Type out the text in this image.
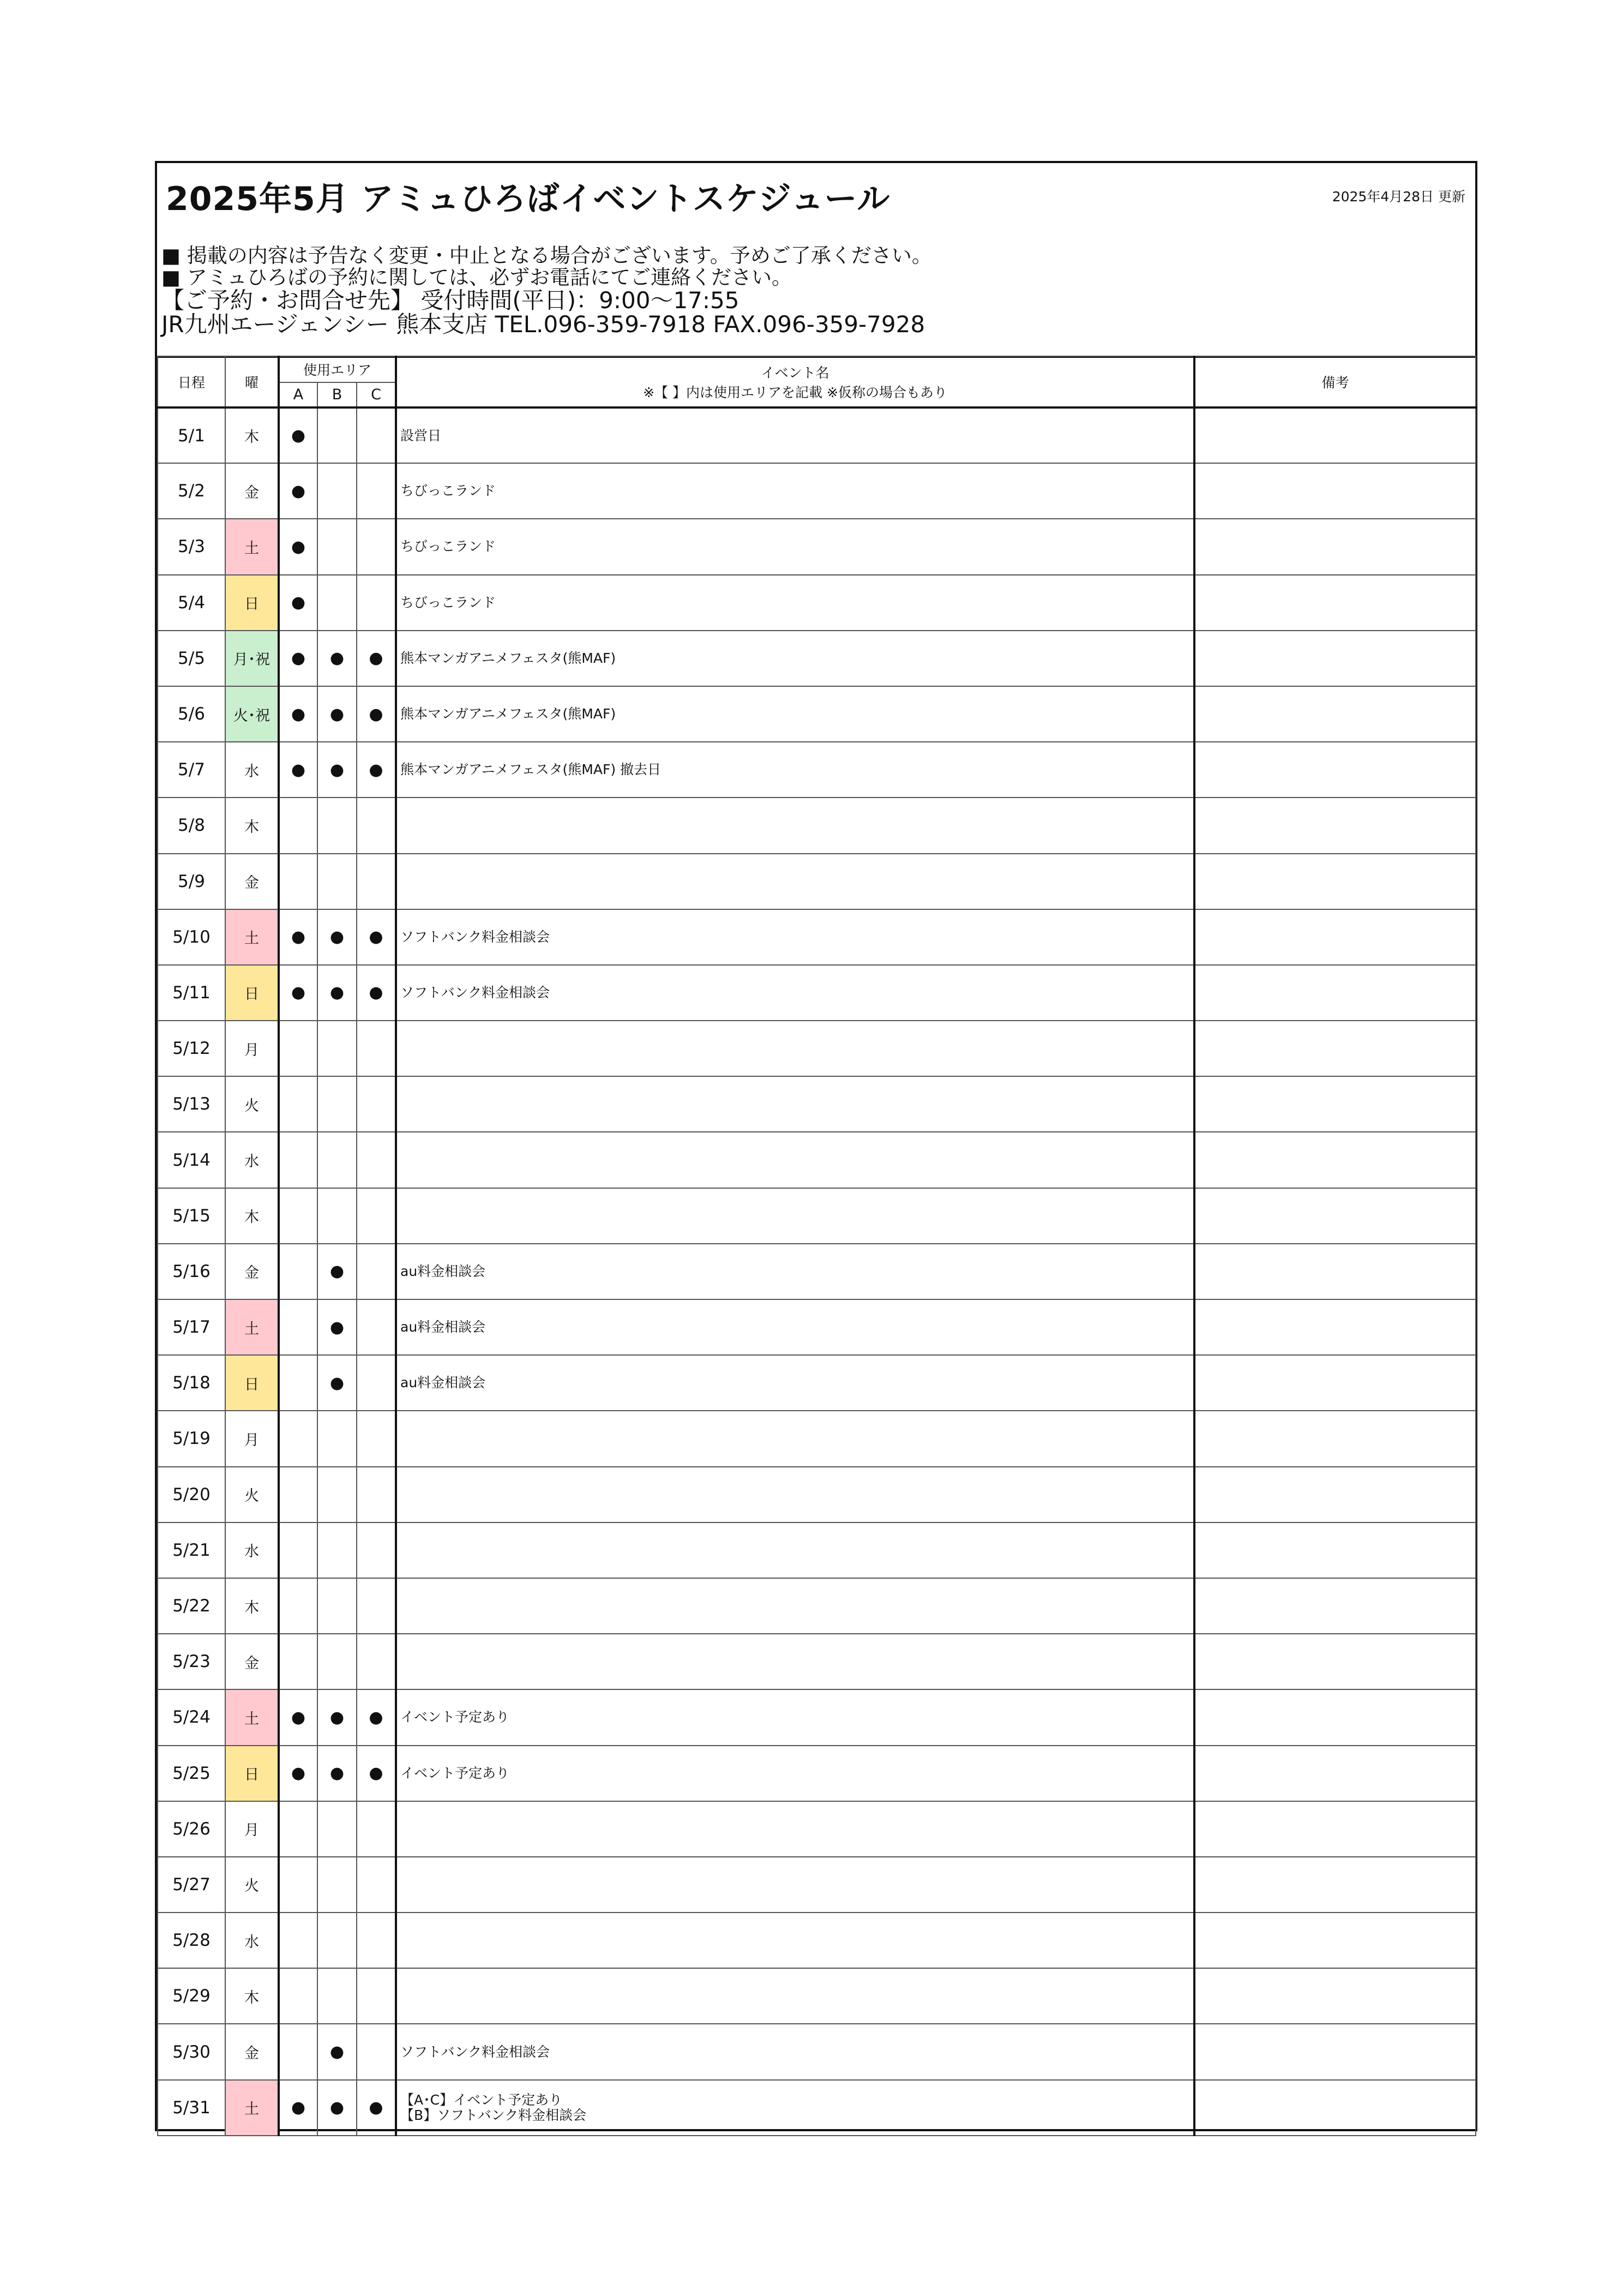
2025年5月 アミュひろばイベントスケジュール	2025年4月28日 更新
■ 掲載の内容は予告なく変更・中止となる場合がございます。予めご了承ください。
■ アミュひろばの予約に関しては、必ずお電話にてご連絡ください。
【ご予約・お問合せ先】 受付時間(平日)：9:00～17:55
JR九州エージェンシー 熊本支店 TEL.096-359-7918 FAX.096-359-7928
日程	曜	使用エリア			イベント名
※【 】内は使用エリアを記載 ※仮称の場合もあり	備考
		A	B	C		
5/1	木	●			設営日	

5/2	金	●			ちびっこランド	

5/3	土	●			ちびっこランド	

5/4	日	●			ちびっこランド	

5/5	月･祝	●	●	●	熊本マンガアニメフェスタ(熊MAF)	

5/6	火･祝	●	●	●	熊本マンガアニメフェスタ(熊MAF)	

5/7	水	●	●	●	熊本マンガアニメフェスタ(熊MAF) 撤去日	

5/8	木					
5/9	金					
5/10	土	●	●	●	ソフトバンク料金相談会	

5/11	日	●	●	●	ソフトバンク料金相談会	

5/12	月					
5/13	火					
5/14	水					
5/15	木					
5/16	金		●		au料金相談会	

5/17	土		●		au料金相談会	

5/18	日		●		au料金相談会	

5/19	月					
5/20	火					
5/21	水					
5/22	木					
5/23	金					
5/24	土	●	●	●	イベント予定あり	

5/25	日	●	●	●	イベント予定あり	

5/26	月					
5/27	火					
5/28	水					
5/29	木					
5/30	金		●		ソフトバンク料金相談会	

5/31	土	●	●	●	【A･C】イベント予定あり
【B】ソフトバンク料金相談会	
